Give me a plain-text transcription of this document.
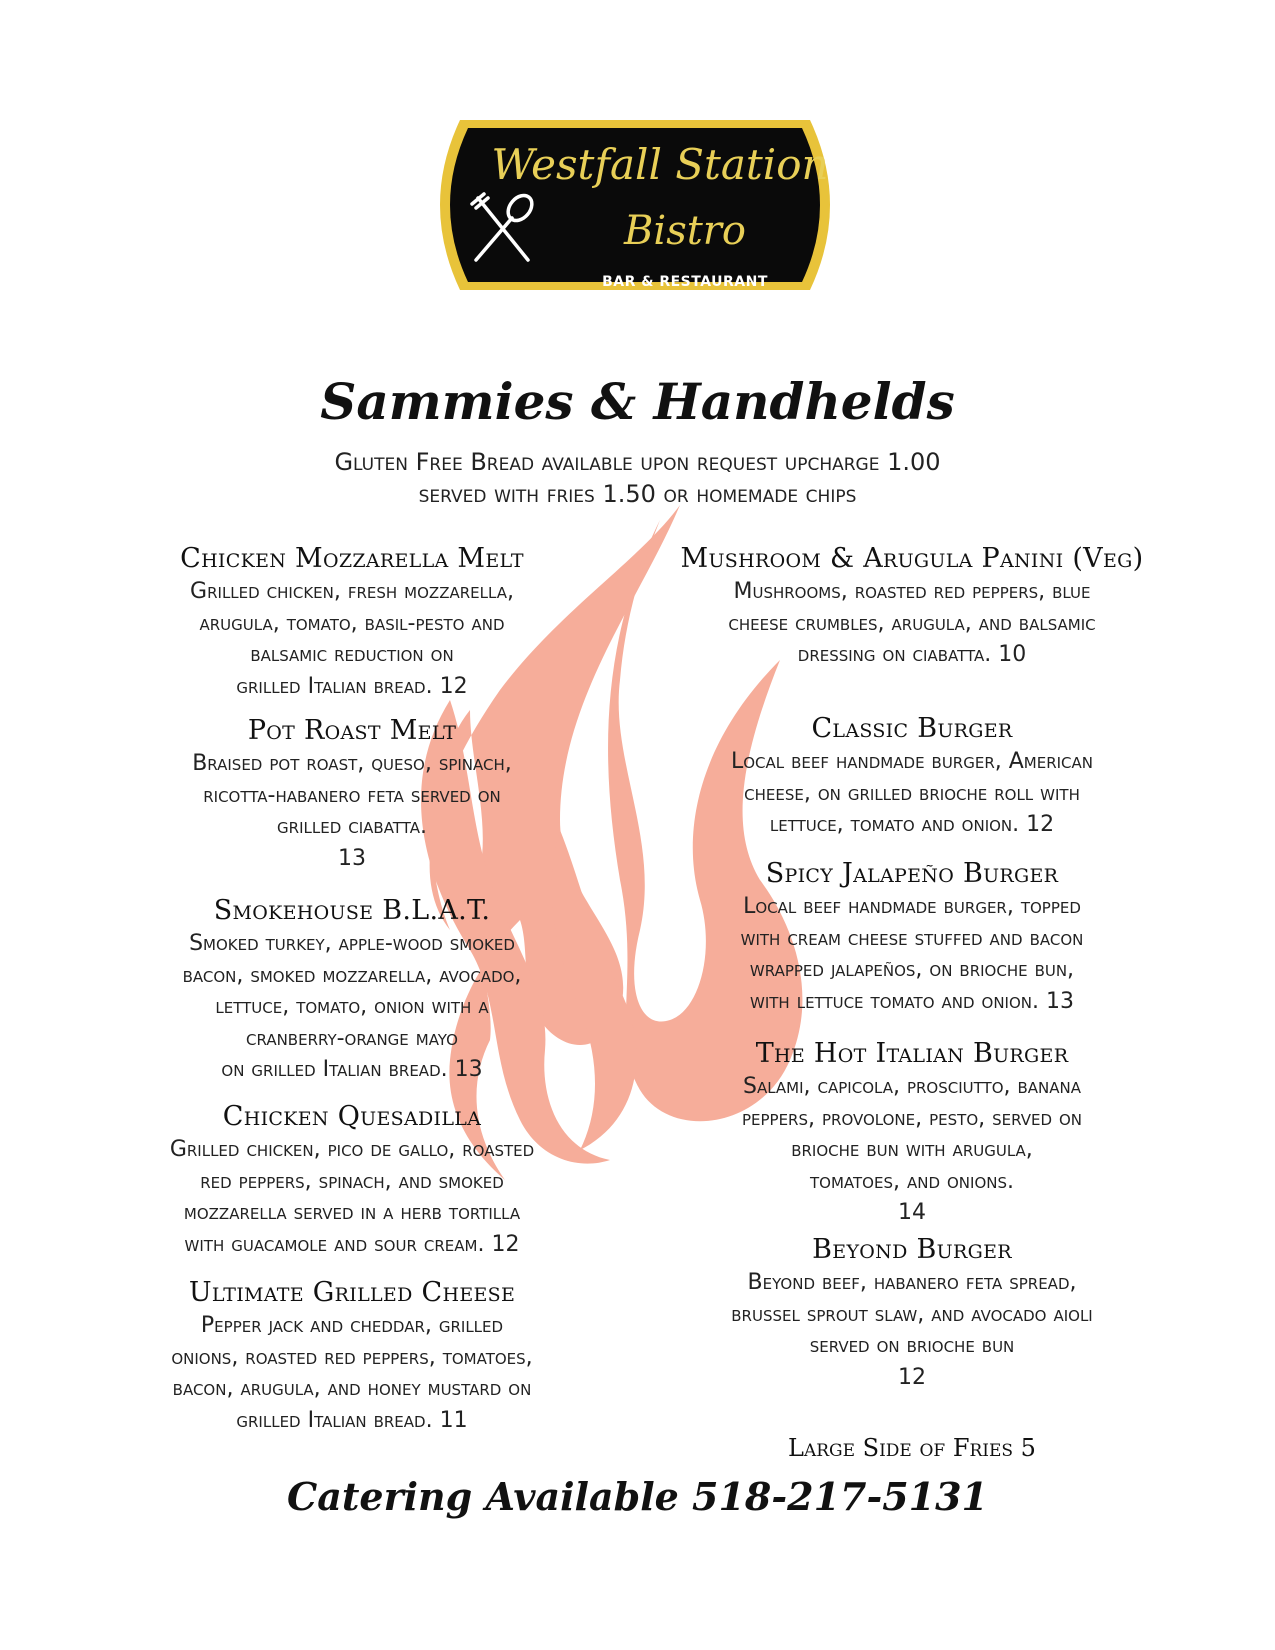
Westfall Station
Bistro
BAR & RESTAURANT
Sammies & Handhelds
Gluten Free Bread available upon request upcharge 1.00
served with fries 1.50 or homemade chips
Chicken Mozzarella Melt
Grilled chicken, fresh mozzarella,
arugula, tomato, basil-pesto and
balsamic reduction on
grilled Italian bread. 12
Pot Roast Melt
Braised pot roast, queso, spinach,
ricotta-habanero feta served on
grilled ciabatta.
13
Smokehouse B.L.A.T.
Smoked turkey, apple-wood smoked
bacon, smoked mozzarella, avocado,
lettuce, tomato, onion with a
cranberry-orange mayo
on grilled Italian bread. 13
Chicken Quesadilla
Grilled chicken, pico de gallo, roasted
red peppers, spinach, and smoked
mozzarella served in a herb tortilla
with guacamole and sour cream. 12
Ultimate Grilled Cheese
Pepper jack and cheddar, grilled
onions, roasted red peppers, tomatoes,
bacon, arugula, and honey mustard on
grilled Italian bread. 11
Mushroom & Arugula Panini (Veg)
Mushrooms, roasted red peppers, blue
cheese crumbles, arugula, and balsamic
dressing on ciabatta. 10
Classic Burger
Local beef handmade burger, American
cheese, on grilled brioche roll with
lettuce, tomato and onion. 12
Spicy Jalapeño Burger
Local beef handmade burger, topped
with cream cheese stuffed and bacon
wrapped jalapeños, on brioche bun,
with lettuce tomato and onion. 13
The Hot Italian Burger
Salami, capicola, prosciutto, banana
peppers, provolone, pesto, served on
brioche bun with arugula,
tomatoes, and onions.
14
Beyond Burger
Beyond beef, habanero feta spread,
brussel sprout slaw, and avocado aioli
served on brioche bun
12
Large Side of Fries 5
Catering Available 518-217-5131
